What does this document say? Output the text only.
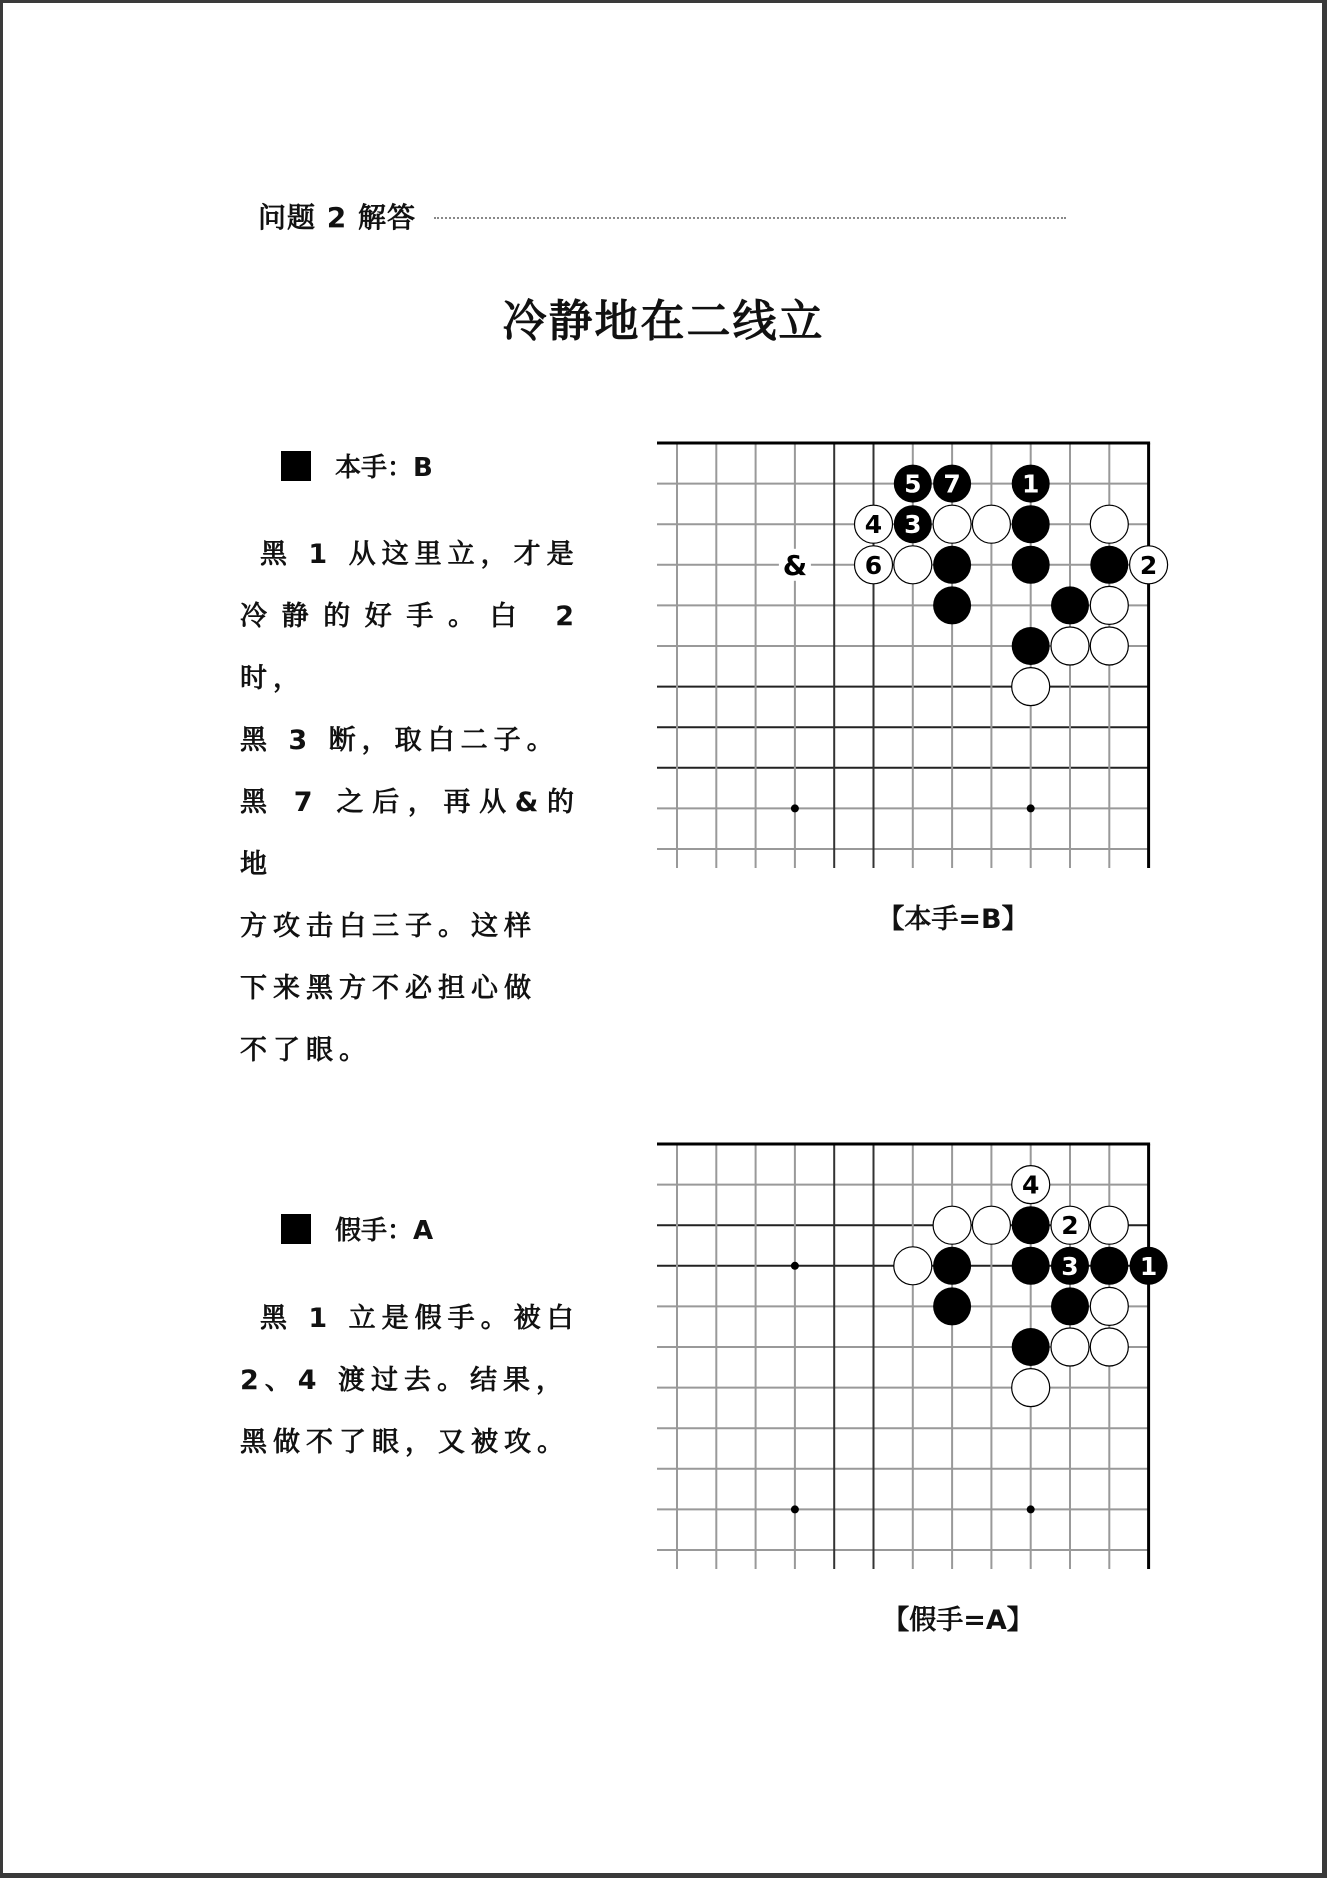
问题 2 解答
冷静地在二线立
本手：B
黑 1 从这里立，才是
冷静的好手。白 2 时，
黑 3 断，取白二子。
黑 7 之后，再从&的地
方攻击白三子。这样
下来黑方不必担心做
不了眼。
&
5 7 1
4 3
6	2
【本手=B】
假手：A
黑 1 立是假手。被白
2、4 渡过去。结果，
黑做不了眼，又被攻。
4
2
3 1
【假手=A】
